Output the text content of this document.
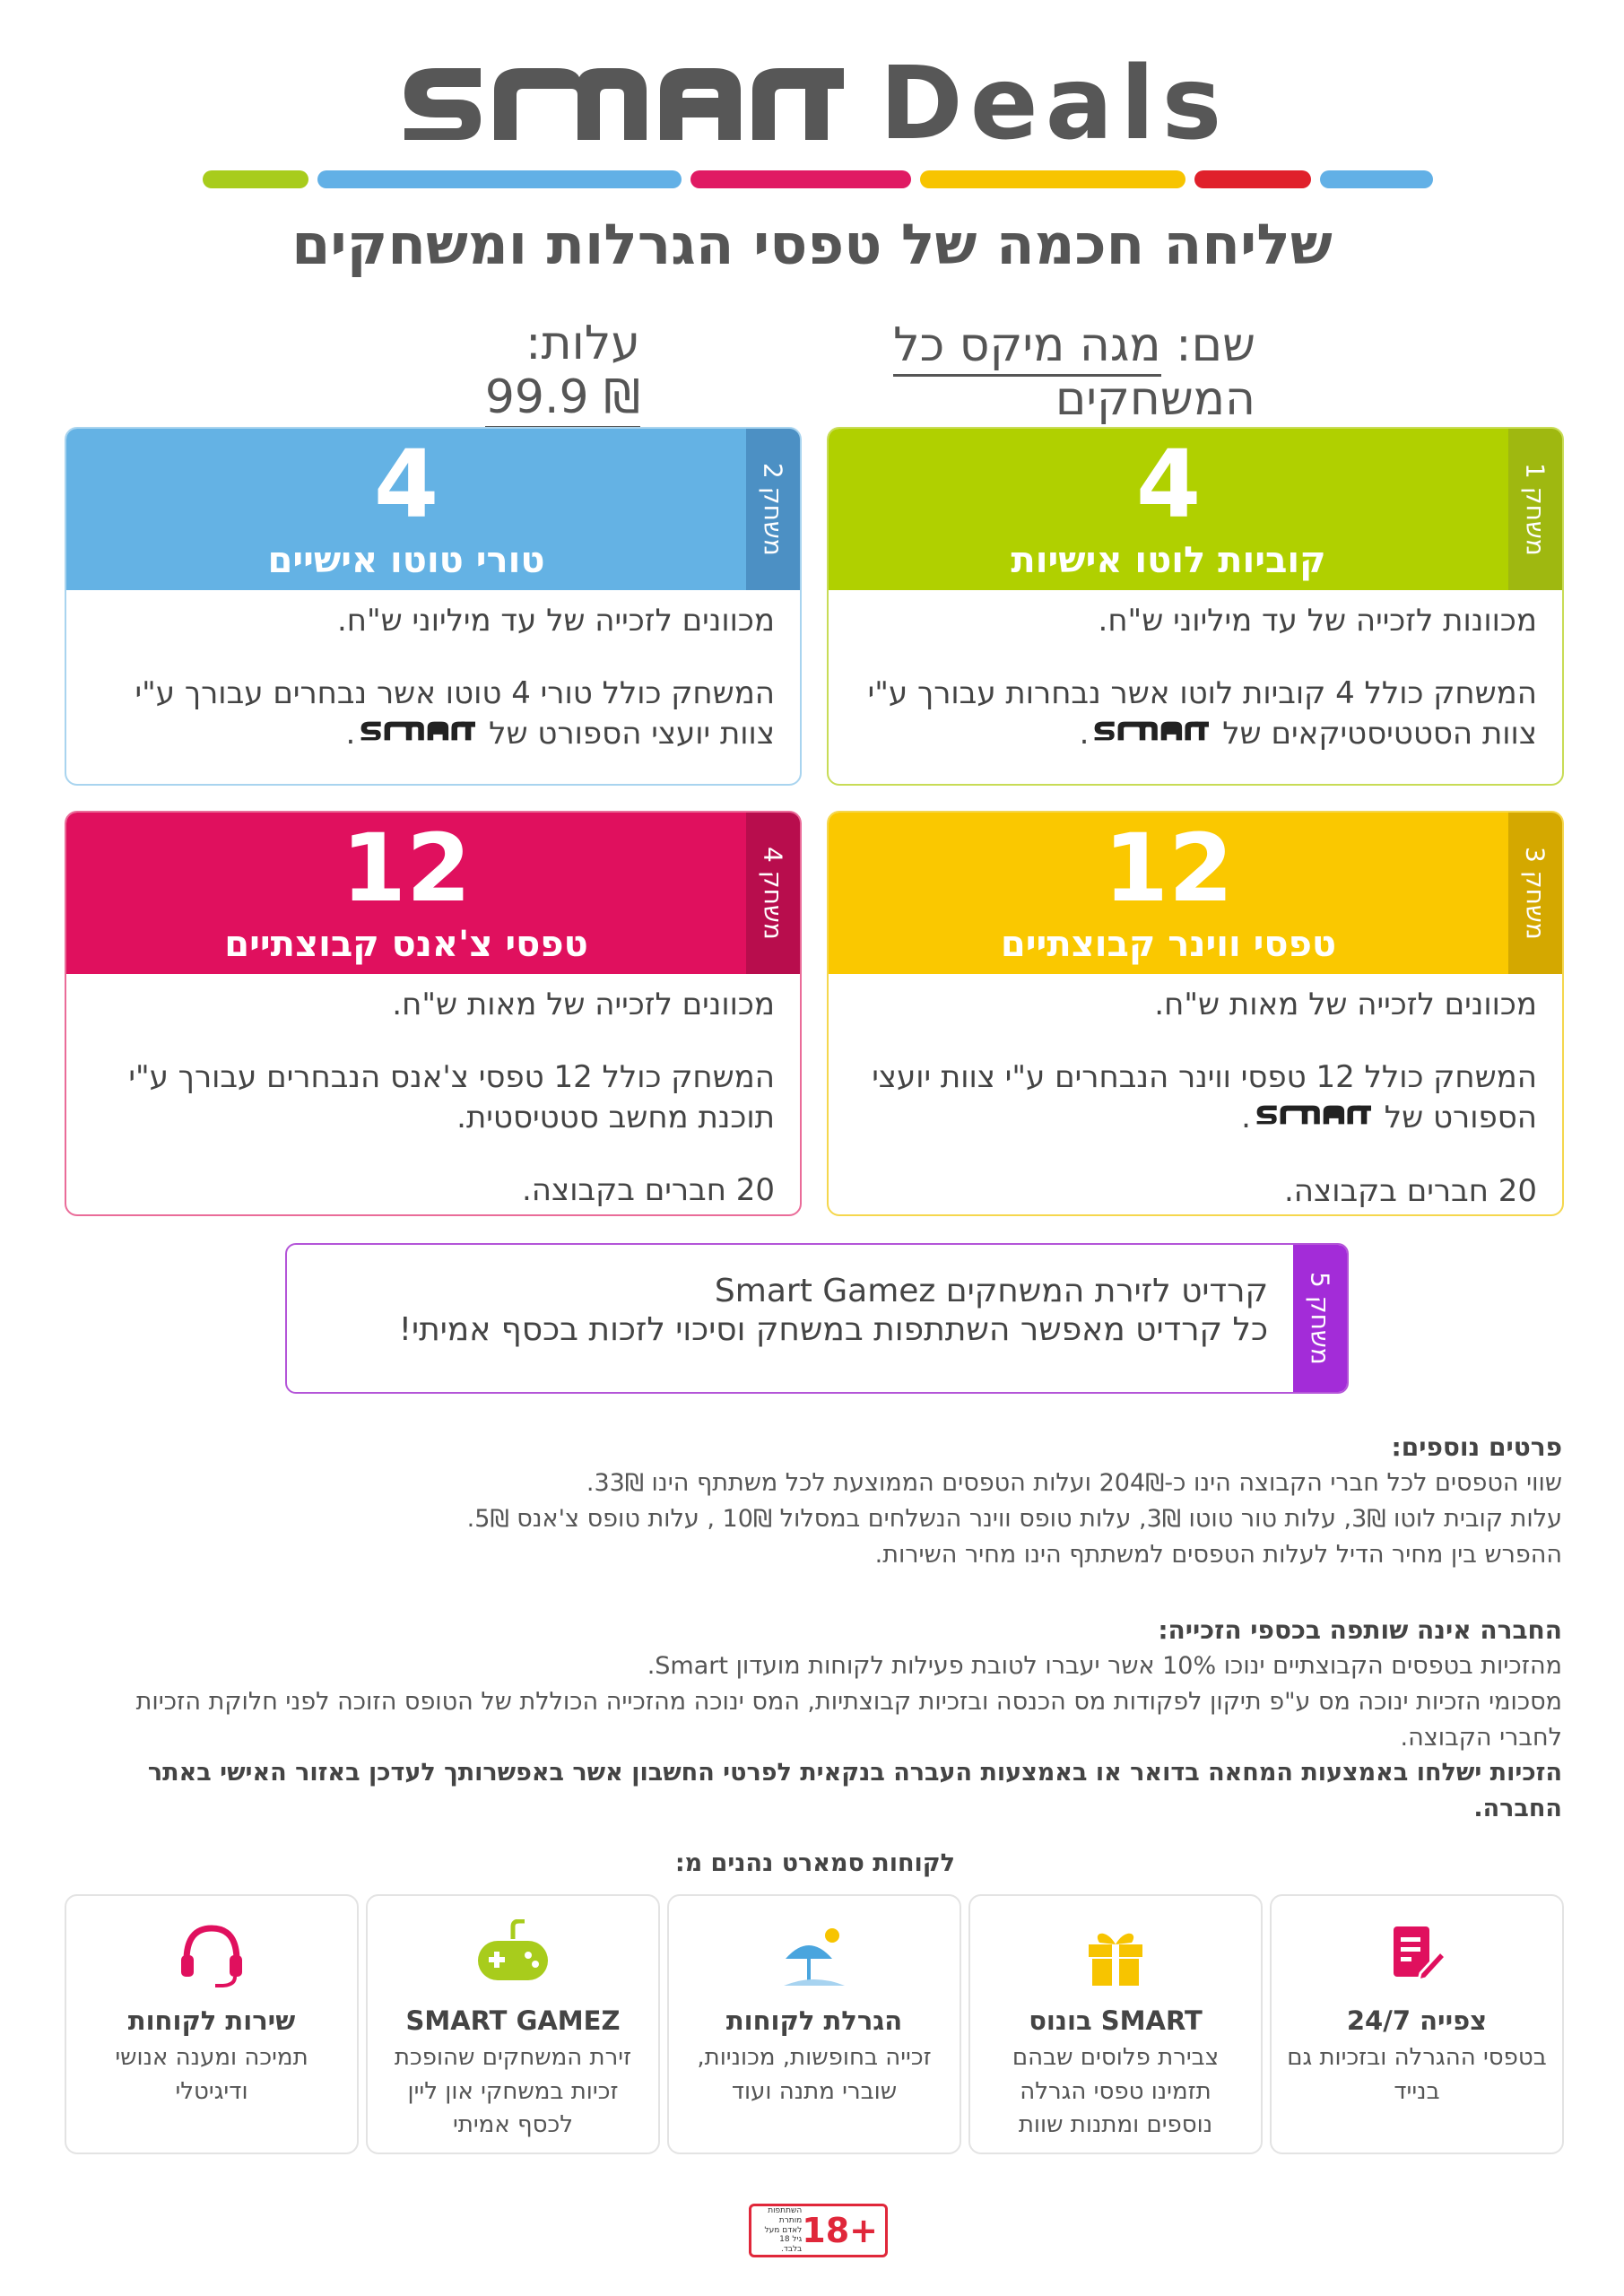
Deals
שליחה חכמה של טפסי הגרלות ומשחקים
שם: מגה מיקס כל המשחקים
עלות: 99.9 ₪
משחק 1
4
קוביות לוטו אישיות

מכוונות לזכייה של עד מיליוני ש"ח.

המשחק כולל 4 קוביות לוטו אשר נבחרות עבורך ע"י צוות הסטטיסטיקאים של .

משחק 2
4
טורי טוטו אישיים

מכוונים לזכייה של עד מיליוני ש"ח.

המשחק כולל טורי 4 טוטו אשר נבחרים עבורך ע"י צוות יועצי הספורט של .

משחק 3
12
טפסי ווינר קבוצתיים

מכוונים לזכייה של מאות ש"ח.

המשחק כולל 12 טפסי ווינר הנבחרים ע"י צוות יועצי הספורט של .

20 חברים בקבוצה.

משחק 4
12
טפסי צ'אנס קבוצתיים

מכוונים לזכייה של מאות ש"ח.

המשחק כולל 12 טפסי צ'אנס הנבחרים עבורך ע"י תוכנת מחשב סטטיסטית.

20 חברים בקבוצה.

משחק 5
קרדיט לזירת המשחקים Smart Gamez
כל קרדיט מאפשר השתתפות במשחק וסיכוי לזכות בכסף אמיתי!
פרטים נוספים:
שווי הטפסים לכל חברי הקבוצה הינו כ-204₪ ועלות הטפסים הממוצעת לכל משתתף הינו 33₪.
עלות קובית לוטו 3₪, עלות טור טוטו 3₪, עלות טופס ווינר הנשלחים במסלול 10₪ , עלות טופס צ'אנס 5₪.
ההפרש בין מחיר הדיל לעלות הטפסים למשתתף הינו מחיר השירות.
החברה אינה שותפה בכספי הזכייה:
מהזכיות בטפסים הקבוצתיים ינוכו 10% אשר יעברו לטובת פעילות לקוחות מועדון Smart.
מסכומי הזכיות ינוכה מס ע"פ תיקון לפקודות מס הכנסה ובזכיות קבוצתיות, המס ינוכה מהזכייה הכוללת של הטופס הזוכה לפני חלוקת הזכיות לחברי הקבוצה.
הזכיות ישלחו באמצעות המחאה בדואר או באמצעות העברה בנקאית לפרטי החשבון אשר באפשרותך לעדכן באזור האישי באתר החברה.
לקוחות סמארט נהנים מ:
צפייה 24/7
בטפסי ההגרלה ובזכיות גם בנייד
SMART בונוס
צבירת פלוסים שבהם תזמינו טפסי הגרלה נוספים ומתנות שוות
הגרלת לקוחות
זכייה בחופשות, מכוניות, שוברי מתנה ועוד
SMART GAMEZ
זירת המשחקים שהופכת זכיות במשחקי און ליין לכסף אמיתי
שירות לקוחות
תמיכה ומענה אנושי ודיגיטלי
השתתפות מותרת לאדם מעל גיל 18 בלבד. 18+
